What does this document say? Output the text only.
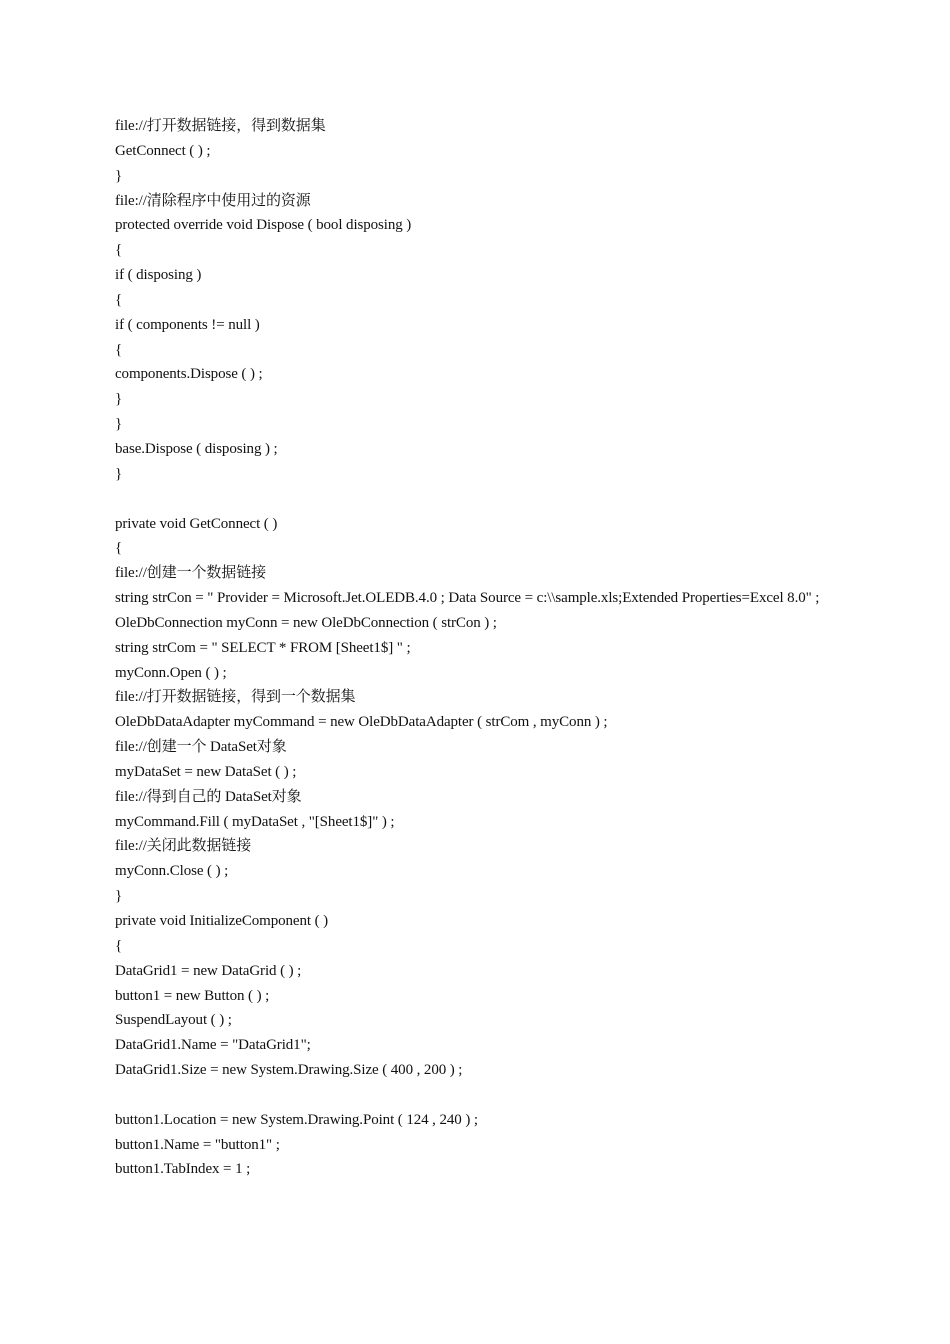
file://打开数据链接，得到数据集
GetConnect ( ) ;
}
file://清除程序中使用过的资源
protected override void Dispose ( bool disposing )
{
if ( disposing )
{
if ( components != null )
{
components.Dispose ( ) ;
}
}
base.Dispose ( disposing ) ;
}
private void GetConnect ( )
{
file://创建一个数据链接
string strCon = " Provider = Microsoft.Jet.OLEDB.4.0 ; Data Source = c:\\sample.xls;Extended Properties=Excel 8.0" ;
OleDbConnection myConn = new OleDbConnection ( strCon ) ;
string strCom = " SELECT * FROM [Sheet1$] " ;
myConn.Open ( ) ;
file://打开数据链接，得到一个数据集
OleDbDataAdapter myCommand = new OleDbDataAdapter ( strCom , myConn ) ;
file://创建一个 DataSet对象
myDataSet = new DataSet ( ) ;
file://得到自己的 DataSet对象
myCommand.Fill ( myDataSet , "[Sheet1$]" ) ;
file://关闭此数据链接
myConn.Close ( ) ;
}
private void InitializeComponent ( )
{
DataGrid1 = new DataGrid ( ) ;
button1 = new Button ( ) ;
SuspendLayout ( ) ;
DataGrid1.Name = "DataGrid1";
DataGrid1.Size = new System.Drawing.Size ( 400 , 200 ) ;
button1.Location = new System.Drawing.Point ( 124 , 240 ) ;
button1.Name = "button1" ;
button1.TabIndex = 1 ;
